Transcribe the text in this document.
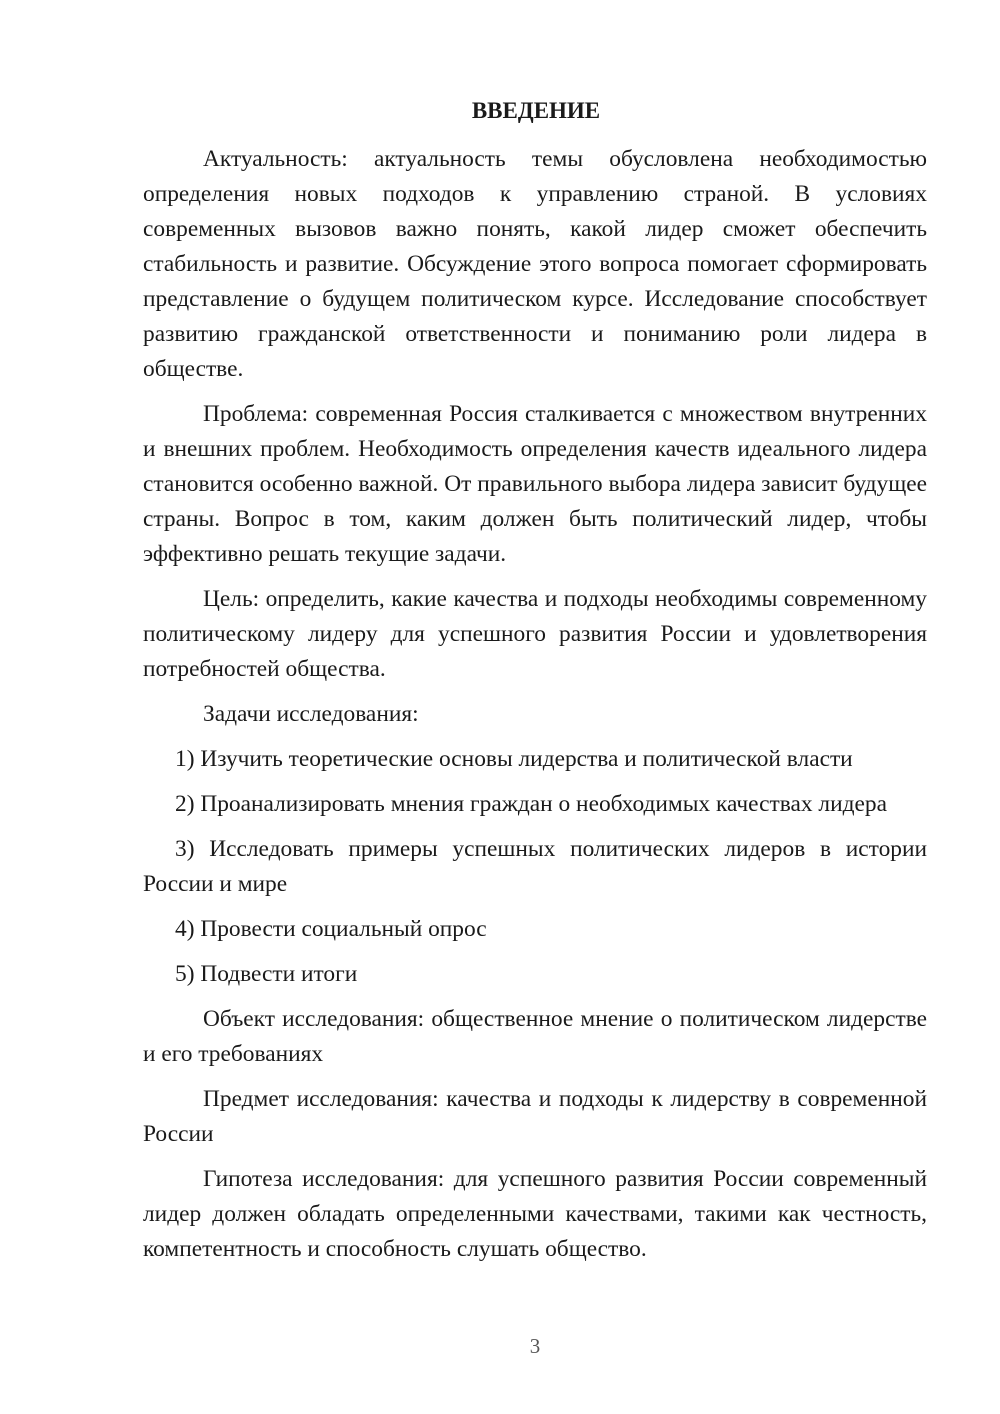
ВВЕДЕНИЕ

Актуальность: актуальность темы обусловлена необходимостью определения новых подходов к управлению страной. В условиях современных вызовов важно понять, какой лидер сможет обеспечить стабильность и развитие. Обсуждение этого вопроса помогает сформировать представление о будущем политическом курсе. Исследование способствует развитию гражданской ответственности и пониманию роли лидера в обществе.

Проблема: современная Россия сталкивается с множеством внутренних и внешних проблем. Необходимость определения качеств идеального лидера становится особенно важной. От правильного выбора лидера зависит будущее страны. Вопрос в том, каким должен быть политический лидер, чтобы эффективно решать текущие задачи.

Цель: определить, какие качества и подходы необходимы современному политическому лидеру для успешного развития России и удовлетворения потребностей общества.

Задачи исследования:

1) Изучить теоретические основы лидерства и политической власти

2) Проанализировать мнения граждан о необходимых качествах лидера

3) Исследовать примеры успешных политических лидеров в истории России и мире

4) Провести социальный опрос

5) Подвести итоги

Объект исследования: общественное мнение о политическом лидерстве и его требованиях

Предмет исследования: качества и подходы к лидерству в современной России

Гипотеза исследования: для успешного развития России современный лидер должен обладать определенными качествами, такими как честность, компетентность и способность слушать общество.

3
